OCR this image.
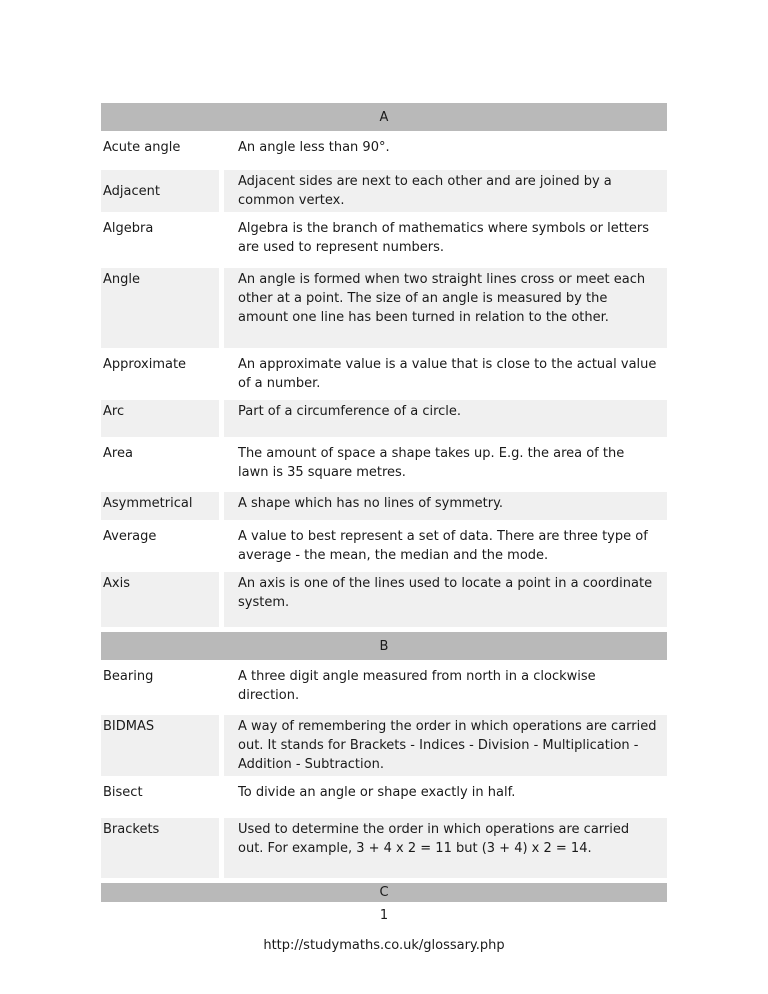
A	
Acute angle	An angle less than 90°.
Adjacent	Adjacent sides are next to each other and are joined by a common vertex.
Algebra	Algebra is the branch of mathematics where symbols or letters are used to represent numbers.
Angle	An angle is formed when two straight lines cross or meet each other at a point. The size of an angle is measured by the amount one line has been turned in relation to the other.
Approximate	An approximate value is a value that is close to the actual value of a number.
Arc	Part of a circumference of a circle.
Area	The amount of space a shape takes up. E.g. the area of the lawn is 35 square metres.
Asymmetrical	A shape which has no lines of symmetry.
Average	A value to best represent a set of data. There are three type of average - the mean, the median and the mode.
Axis	An axis is one of the lines used to locate a point in a coordinate system.
B	
Bearing	A three digit angle measured from north in a clockwise direction.
BIDMAS	A way of remembering the order in which operations are carried out. It stands for Brackets - Indices - Division - Multiplication - Addition - Subtraction.
Bisect	To divide an angle or shape exactly in half.
Brackets	Used to determine the order in which operations are carried out. For example, 3 + 4 x 2 = 11 but (3 + 4) x 2 = 14.
C	
1
http://studymaths.co.uk/glossary.php
